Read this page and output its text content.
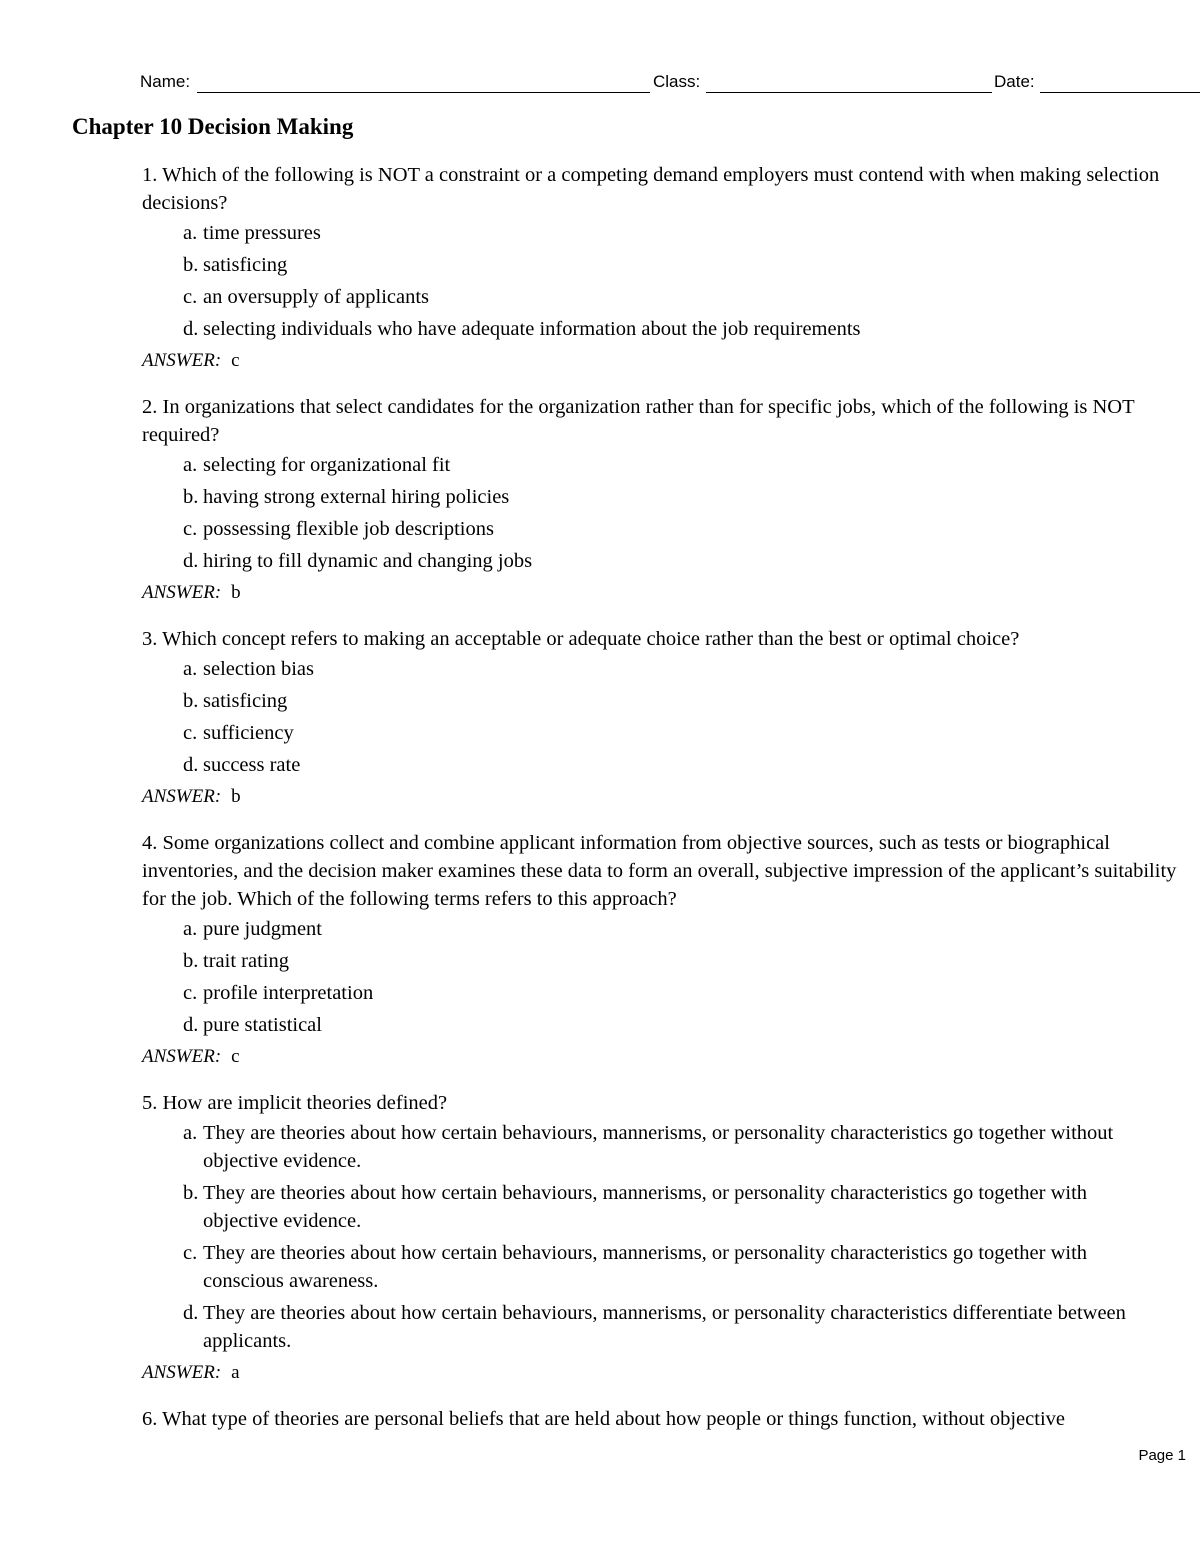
Name:	Class:	Date:
Chapter 10 Decision Making

1. Which of the following is NOT a constraint or a competing demand employers must contend with when making selection decisions?

a. time pressures
b. satisficing
c. an oversupply of applicants
d. selecting individuals who have adequate information about the job requirements
ANSWER: c

2. In organizations that select candidates for the organization rather than for specific jobs, which of the following is NOT required?

a. selecting for organizational fit
b. having strong external hiring policies
c. possessing flexible job descriptions
d. hiring to fill dynamic and changing jobs
ANSWER: b

3. Which concept refers to making an acceptable or adequate choice rather than the best or optimal choice?

a. selection bias
b. satisficing
c. sufficiency
d. success rate
ANSWER: b

4. Some organizations collect and combine applicant information from objective sources, such as tests or biographical inventories, and the decision maker examines these data to form an overall, subjective impression of the applicant’s suitability for the job. Which of the following terms refers to this approach?

a. pure judgment
b. trait rating
c. profile interpretation
d. pure statistical
ANSWER: c

5. How are implicit theories defined?

a. They are theories about how certain behaviours, mannerisms, or personality characteristics go together without objective evidence.
b. They are theories about how certain behaviours, mannerisms, or personality characteristics go together with objective evidence.
c. They are theories about how certain behaviours, mannerisms, or personality characteristics go together with conscious awareness.
d. They are theories about how certain behaviours, mannerisms, or personality characteristics differentiate between applicants.
ANSWER: a

6. What type of theories are personal beliefs that are held about how people or things function, without objective

Page 1
